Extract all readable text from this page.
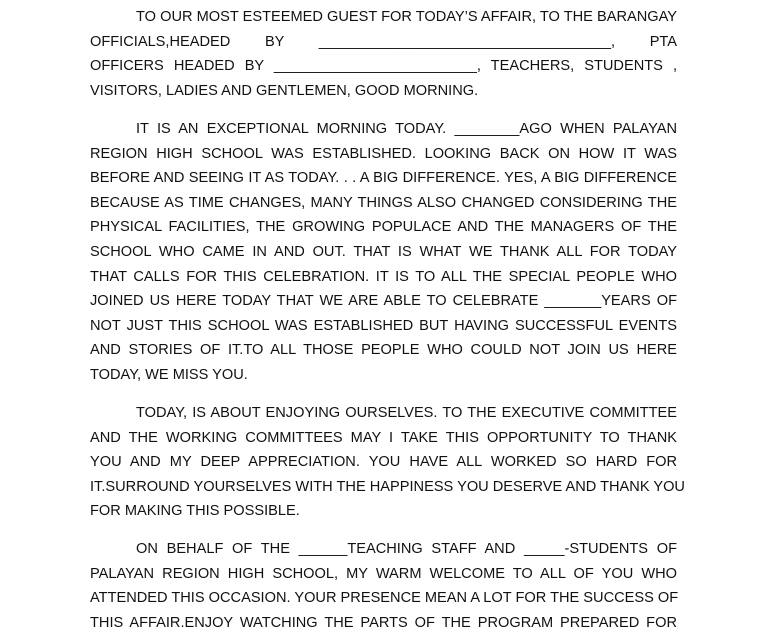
TO OUR MOST ESTEEMED GUEST FOR TODAY’S AFFAIR, TO THE BARANGAY
OFFICIALS,HEADED BY ____________________________________, PTA
OFFICERS HEADED BY _________________________, TEACHERS, STUDENTS ,
VISITORS, LADIES AND GENTLEMEN, GOOD MORNING.
IT IS AN EXCEPTIONAL MORNING TODAY. ________AGO WHEN PALAYAN
REGION HIGH SCHOOL WAS ESTABLISHED. LOOKING BACK ON HOW IT WAS
BEFORE AND SEEING IT AS TODAY. . . A BIG DIFFERENCE. YES, A BIG DIFFERENCE
BECAUSE AS TIME CHANGES, MANY THINGS ALSO CHANGED CONSIDERING THE
PHYSICAL FACILITIES, THE GROWING POPULACE AND THE MANAGERS OF THE
SCHOOL WHO CAME IN AND OUT. THAT IS WHAT WE THANK ALL FOR TODAY
THAT CALLS FOR THIS CELEBRATION. IT IS TO ALL THE SPECIAL PEOPLE WHO
JOINED US HERE TODAY THAT WE ARE ABLE TO CELEBRATE _______YEARS OF
NOT JUST THIS SCHOOL WAS ESTABLISHED BUT HAVING SUCCESSFUL EVENTS
AND STORIES OF IT.TO ALL THOSE PEOPLE WHO COULD NOT JOIN US HERE
TODAY, WE MISS YOU.
TODAY, IS ABOUT ENJOYING OURSELVES. TO THE EXECUTIVE COMMITTEE
AND THE WORKING COMMITTEES MAY I TAKE THIS OPPORTUNITY TO THANK
YOU AND MY DEEP APPRECIATION. YOU HAVE ALL WORKED SO HARD FOR
IT.SURROUND YOURSELVES WITH THE HAPPINESS YOU DESERVE AND THANK YOU
FOR MAKING THIS POSSIBLE.
ON BEHALF OF THE ______TEACHING STAFF AND _____-STUDENTS OF
PALAYAN REGION HIGH SCHOOL, MY WARM WELCOME TO ALL OF YOU WHO
ATTENDED THIS OCCASION. YOUR PRESENCE MEAN A LOT FOR THE SUCCESS OF
THIS AFFAIR.ENJOY WATCHING THE PARTS OF THE PROGRAM PREPARED FOR
